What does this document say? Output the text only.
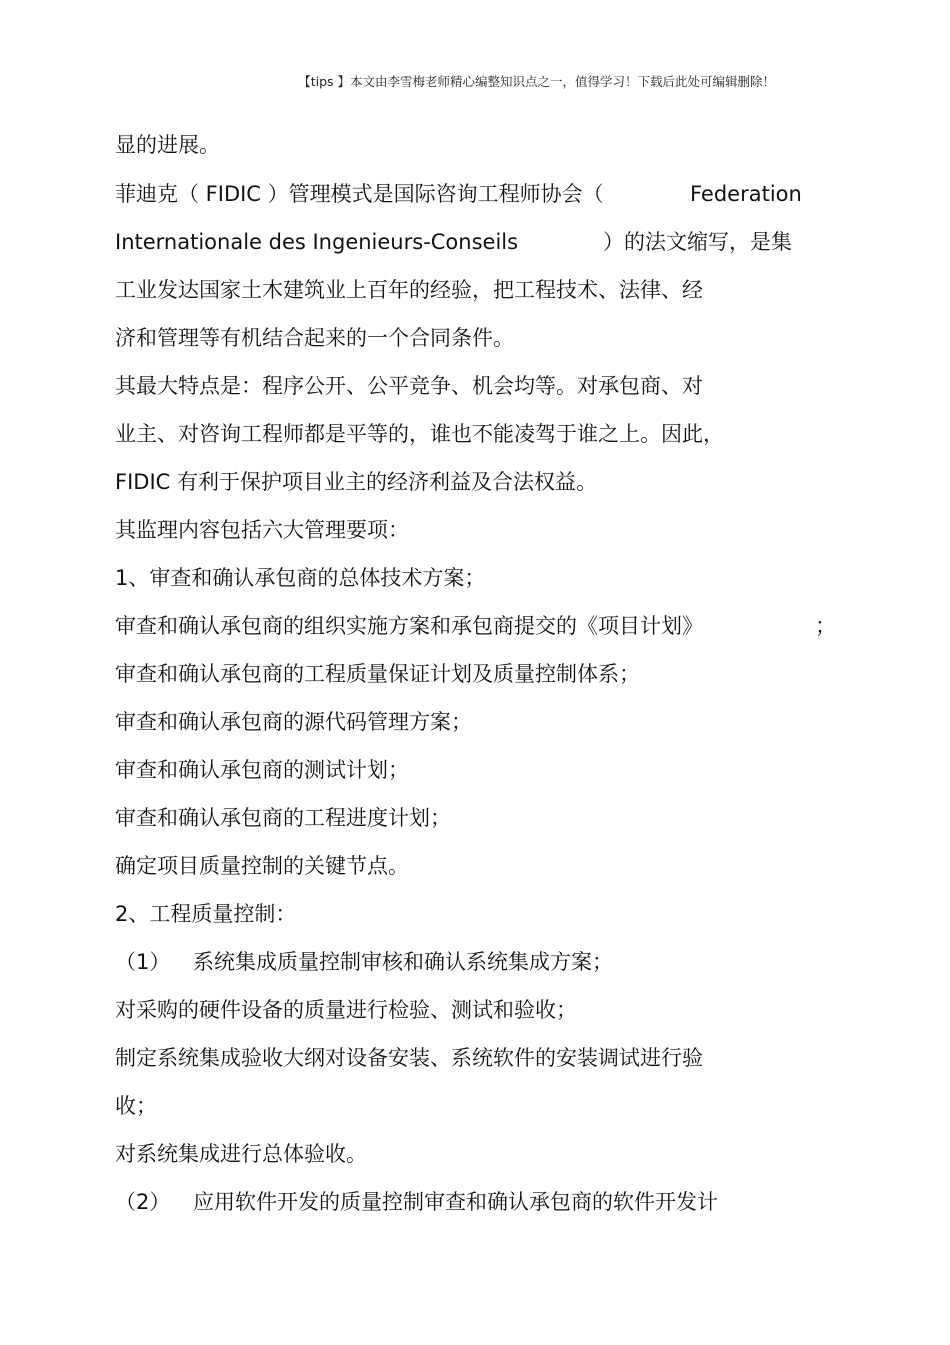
【tips 】本文由李雪梅老师精心编整知识点之一，值得学习！下载后此处可编辑删除！
显的进展。
菲迪克（ FIDIC ）管理模式是国际咨询工程师协会（	Federation
Internationale des Ingenieurs-Conseils	）的法文缩写，是集
工业发达国家土木建筑业上百年的经验，把工程技术、法律、经
济和管理等有机结合起来的一个合同条件。
其最大特点是：程序公开、公平竞争、机会均等。对承包商、对
业主、对咨询工程师都是平等的，谁也不能凌驾于谁之上。因此，
FIDIC 有利于保护项目业主的经济利益及合法权益。
其监理内容包括六大管理要项：
1、审查和确认承包商的总体技术方案；
审查和确认承包商的组织实施方案和承包商提交的《项目计划》	；
审查和确认承包商的工程质量保证计划及质量控制体系；
审查和确认承包商的源代码管理方案；
审查和确认承包商的测试计划；
审查和确认承包商的工程进度计划；
确定项目质量控制的关键节点。
2、工程质量控制：
（1） 系统集成质量控制审核和确认系统集成方案；
对采购的硬件设备的质量进行检验、测试和验收；
制定系统集成验收大纲对设备安装、系统软件的安装调试进行验
收；
对系统集成进行总体验收。
（2） 应用软件开发的质量控制审查和确认承包商的软件开发计
